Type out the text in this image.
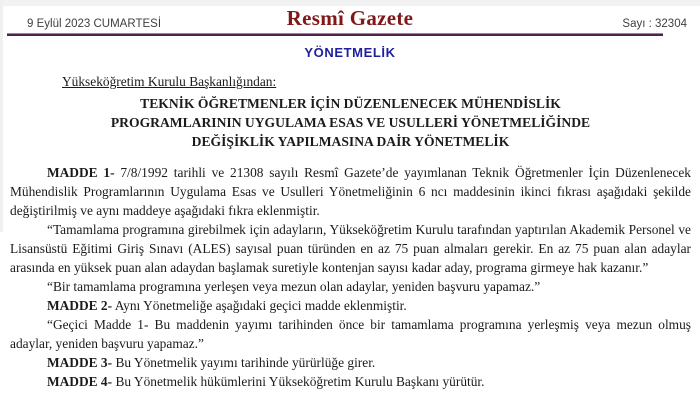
9 Eylül 2023 CUMARTESİ	Resmî Gazete	Sayı : 32304
YÖNETMELİK
Yükseköğretim Kurulu Başkanlığından:
TEKNİK ÖĞRETMENLER İÇİN DÜZENLENECEK MÜHENDİSLİK
PROGRAMLARININ UYGULAMA ESAS VE USULLERİ YÖNETMELİĞİNDE
DEĞİŞİKLİK YAPILMASINA DAİR YÖNETMELİK

MADDE 1- 7/8/1992 tarihli ve 21308 sayılı Resmî Gazete’de yayımlanan Teknik Öğretmenler İçin Düzenlenecek Mühendislik Programlarının Uygulama Esas ve Usulleri Yönetmeliğinin 6 ncı maddesinin ikinci fıkrası aşağıdaki şekilde değiştirilmiş ve aynı maddeye aşağıdaki fıkra eklenmiştir.

“Tamamlama programına girebilmek için adayların, Yükseköğretim Kurulu tarafından yaptırılan Akademik Personel ve Lisansüstü Eğitimi Giriş Sınavı (ALES) sayısal puan türünden en az 75 puan almaları gerekir. En az 75 puan alan adaylar arasında en yüksek puan alan adaydan başlamak suretiyle kontenjan sayısı kadar aday, programa girmeye hak kazanır.”

“Bir tamamlama programına yerleşen veya mezun olan adaylar, yeniden başvuru yapamaz.”

MADDE 2- Aynı Yönetmeliğe aşağıdaki geçici madde eklenmiştir.

“Geçici Madde 1- Bu maddenin yayımı tarihinden önce bir tamamlama programına yerleşmiş veya mezun olmuş adaylar, yeniden başvuru yapamaz.”

MADDE 3- Bu Yönetmelik yayımı tarihinde yürürlüğe girer.

MADDE 4- Bu Yönetmelik hükümlerini Yükseköğretim Kurulu Başkanı yürütür.
